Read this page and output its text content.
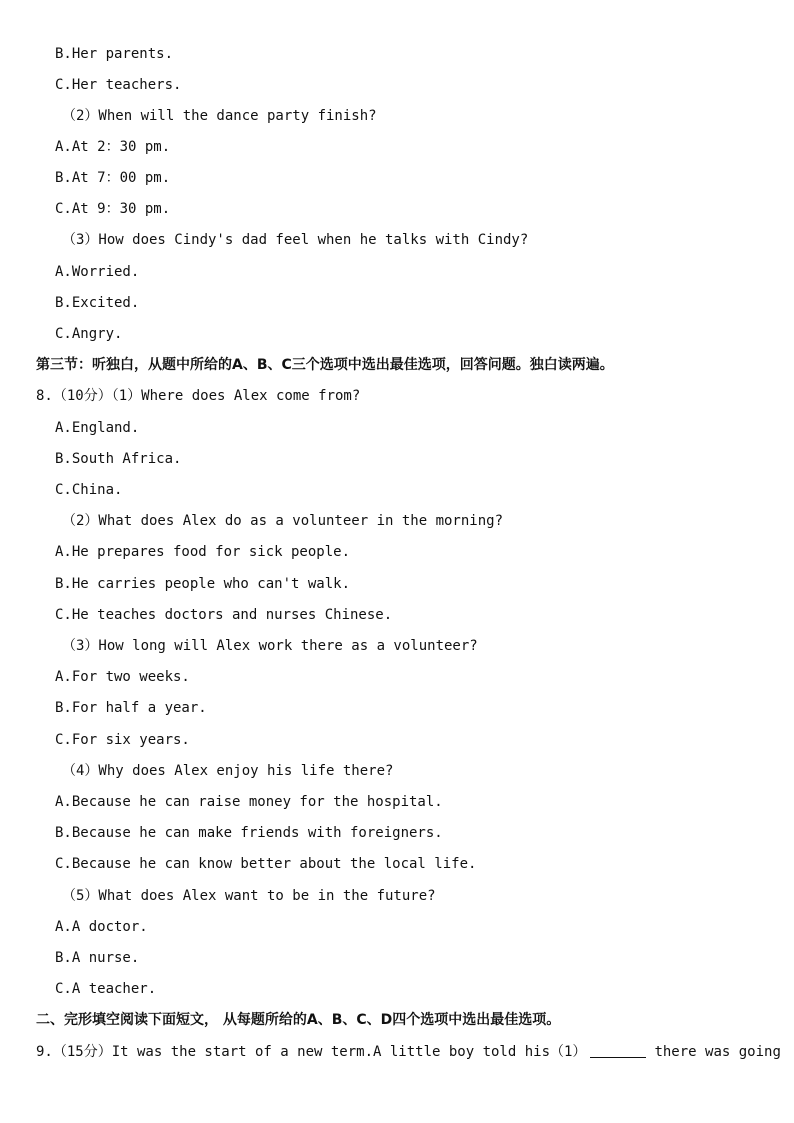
B.Her parents.
C.Her teachers.
（2）When will the dance party finish?
A.At 2：30 pm.
B.At 7：00 pm.
C.At 9：30 pm.
（3）How does Cindy's dad feel when he talks with Cindy?
A.Worried.
B.Excited.
C.Angry.
第三节：听独白，从题中所给的A、B、C三个选项中选出最佳选项，回答问题。独白读两遍。
8.（10分）（1）Where does Alex come from?
A.England.
B.South Africa.
C.China.
（2）What does Alex do as a volunteer in the morning?
A.He prepares food for sick people.
B.He carries people who can't walk.
C.He teaches doctors and nurses Chinese.
（3）How long will Alex work there as a volunteer?
A.For two weeks.
B.For half a year.
C.For six years.
（4）Why does Alex enjoy his life there?
A.Because he can raise money for the hospital.
B.Because he can make friends with foreigners.
C.Because he can know better about the local life.
（5）What does Alex want to be in the future?
A.A doctor.
B.A nurse.
C.A teacher.
二、完形填空阅读下面短文， 从每题所给的A、B、C、D四个选项中选出最佳选项。
9.（15分）It was the start of a new term.A little boy told his（1）	there was going
